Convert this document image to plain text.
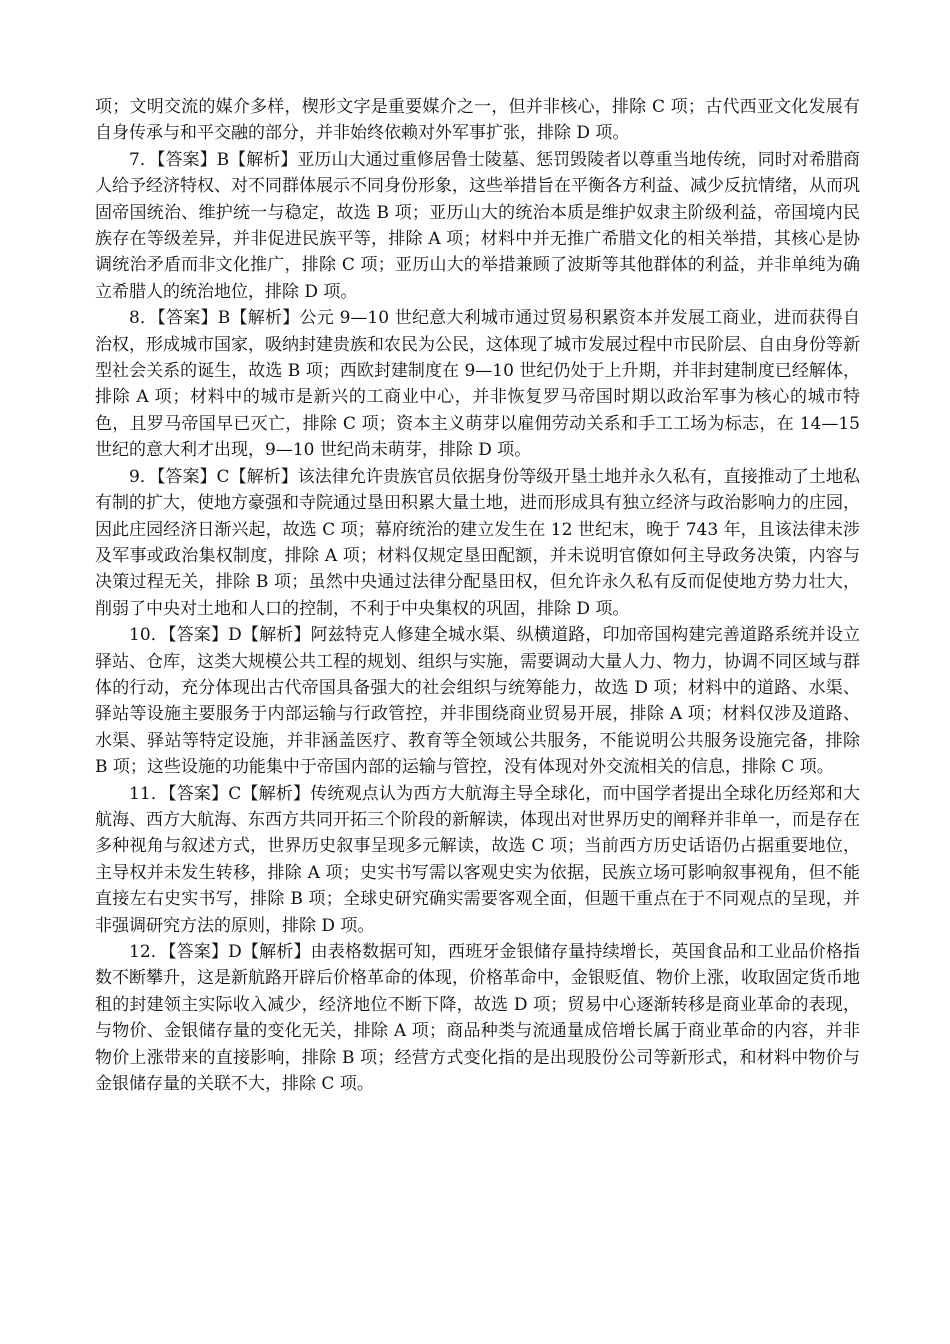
项；文明交流的媒介多样，楔形文字是重要媒介之一，但并非核心，排除 C 项；古代西亚文化发展有自身传承与和平交融的部分，并非始终依赖对外军事扩张，排除 D 项。

7．【答案】B【解析】亚历山大通过重修居鲁士陵墓、惩罚毁陵者以尊重当地传统，同时对希腊商人给予经济特权、对不同群体展示不同身份形象，这些举措旨在平衡各方利益、减少反抗情绪，从而巩固帝国统治、维护统一与稳定，故选 B 项；亚历山大的统治本质是维护奴隶主阶级利益，帝国境内民族存在等级差异，并非促进民族平等，排除 A 项；材料中并无推广希腊文化的相关举措，其核心是协调统治矛盾而非文化推广，排除 C 项；亚历山大的举措兼顾了波斯等其他群体的利益，并非单纯为确立希腊人的统治地位，排除 D 项。

8．【答案】B【解析】公元 9—10 世纪意大利城市通过贸易积累资本并发展工商业，进而获得自治权，形成城市国家，吸纳封建贵族和农民为公民，这体现了城市发展过程中市民阶层、自由身份等新型社会关系的诞生，故选 B 项；西欧封建制度在 9—10 世纪仍处于上升期，并非封建制度已经解体，排除 A 项；材料中的城市是新兴的工商业中心，并非恢复罗马帝国时期以政治军事为核心的城市特色，且罗马帝国早已灭亡，排除 C 项；资本主义萌芽以雇佣劳动关系和手工工场为标志，在 14—15 世纪的意大利才出现，9—10 世纪尚未萌芽，排除 D 项。

9．【答案】C【解析】该法律允许贵族官员依据身份等级开垦土地并永久私有，直接推动了土地私有制的扩大，使地方豪强和寺院通过垦田积累大量土地，进而形成具有独立经济与政治影响力的庄园，因此庄园经济日渐兴起，故选 C 项；幕府统治的建立发生在 12 世纪末，晚于 743 年，且该法律未涉及军事或政治集权制度，排除 A 项；材料仅规定垦田配额，并未说明官僚如何主导政务决策，内容与决策过程无关，排除 B 项；虽然中央通过法律分配垦田权，但允许永久私有反而促使地方势力壮大，削弱了中央对土地和人口的控制，不利于中央集权的巩固，排除 D 项。

10．【答案】D【解析】阿兹特克人修建全城水渠、纵横道路，印加帝国构建完善道路系统并设立驿站、仓库，这类大规模公共工程的规划、组织与实施，需要调动大量人力、物力，协调不同区域与群体的行动，充分体现出古代帝国具备强大的社会组织与统筹能力，故选 D 项；材料中的道路、水渠、驿站等设施主要服务于内部运输与行政管控，并非围绕商业贸易开展，排除 A 项；材料仅涉及道路、水渠、驿站等特定设施，并非涵盖医疗、教育等全领域公共服务，不能说明公共服务设施完备，排除 B 项；这些设施的功能集中于帝国内部的运输与管控，没有体现对外交流相关的信息，排除 C 项。

11．【答案】C【解析】传统观点认为西方大航海主导全球化，而中国学者提出全球化历经郑和大航海、西方大航海、东西方共同开拓三个阶段的新解读，体现出对世界历史的阐释并非单一，而是存在多种视角与叙述方式，世界历史叙事呈现多元解读，故选 C 项；当前西方历史话语仍占据重要地位，主导权并未发生转移，排除 A 项；史实书写需以客观史实为依据，民族立场可影响叙事视角，但不能直接左右史实书写，排除 B 项；全球史研究确实需要客观全面，但题干重点在于不同观点的呈现，并非强调研究方法的原则，排除 D 项。

12．【答案】D【解析】由表格数据可知，西班牙金银储存量持续增长，英国食品和工业品价格指数不断攀升，这是新航路开辟后价格革命的体现，价格革命中，金银贬值、物价上涨，收取固定货币地租的封建领主实际收入减少，经济地位不断下降，故选 D 项；贸易中心逐渐转移是商业革命的表现，与物价、金银储存量的变化无关，排除 A 项；商品种类与流通量成倍增长属于商业革命的内容，并非物价上涨带来的直接影响，排除 B 项；经营方式变化指的是出现股份公司等新形式，和材料中物价与金银储存量的关联不大，排除 C 项。
